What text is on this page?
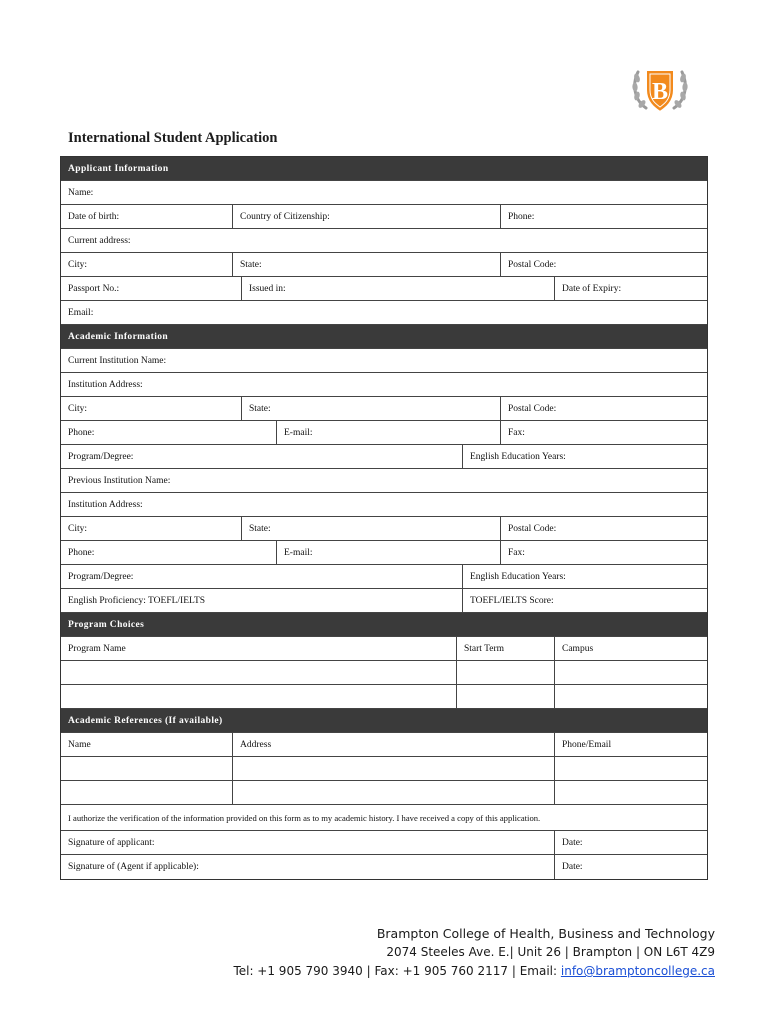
B
International Student Application
Applicant Information
Name:
Date of birth:	Country of Citizenship:	Phone:
Current address:
City:	State:	Postal Code:
Passport No.:	Issued in:	Date of Expiry:
Email:
Academic Information
Current Institution Name:
Institution Address:
City:	State:	Postal Code:
Phone:	E-mail:	Fax:
Program/Degree:	English Education Years:
Previous Institution Name:
Institution Address:
City:	State:	Postal Code:
Phone:	E-mail:	Fax:
Program/Degree:	English Education Years:
English Proficiency: TOEFL/IELTS	TOEFL/IELTS Score:
Program Choices
Program Name	Start Term	Campus
Academic References (If available)
Name	Address	Phone/Email
I authorize the verification of the information provided on this form as to my academic history. I have received a copy of this application.
Signature of applicant:	Date:
Signature of (Agent if applicable):	Date:
Brampton College of Health, Business and Technology
2074 Steeles Ave. E.| Unit 26 | Brampton | ON L6T 4Z9
Tel: +1 905 790 3940 | Fax: +1 905 760 2117 | Email: info@bramptoncollege.ca
